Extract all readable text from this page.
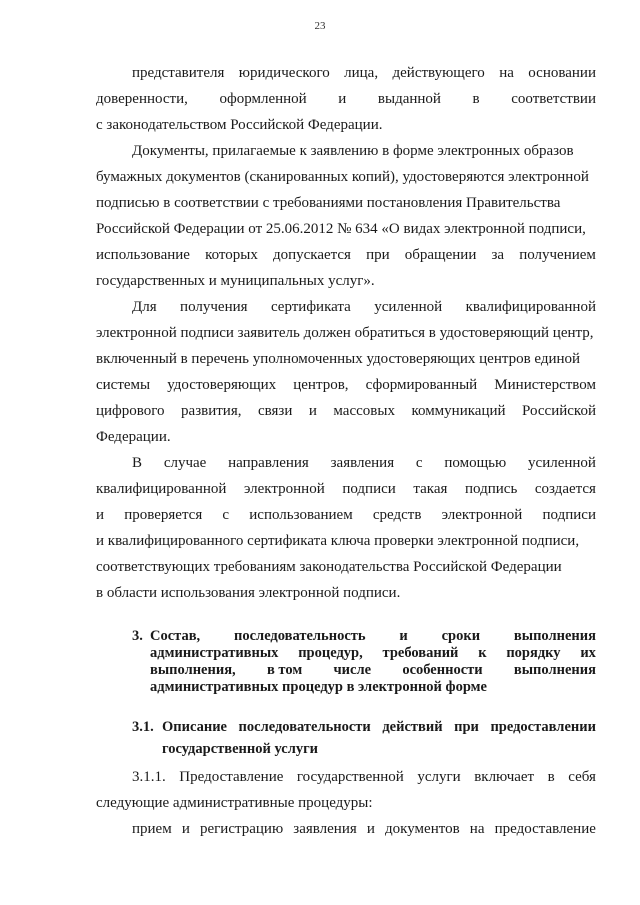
23
представителя юридического лица, действующего на основании
доверенности, оформленной и выданной в соответствии
с законодательством Российской Федерации.
Документы, прилагаемые к заявлению в форме электронных образов
бумажных документов (сканированных копий), удостоверяются электронной
подписью в соответствии с требованиями постановления Правительства
Российской Федерации от 25.06.2012 № 634 «О видах электронной подписи,
использование которых допускается при обращении за получением
государственных и муниципальных услуг».
Для получения сертификата усиленной квалифицированной
электронной подписи заявитель должен обратиться в удостоверяющий центр,
включенный в перечень уполномоченных удостоверяющих центров единой
системы удостоверяющих центров, сформированный Министерством
цифрового развития, связи и массовых коммуникаций Российской
Федерации.
В случае направления заявления с помощью усиленной
квалифицированной электронной подписи такая подпись создается
и проверяется с использованием средств электронной подписи
и квалифицированного сертификата ключа проверки электронной подписи,
соответствующих требованиям законодательства Российской Федерации
в области использования электронной подписи.
3. Состав, последовательность и сроки выполнения
административных процедур, требований к порядку их
выполнения, в том числе особенности выполнения
административных процедур в электронной форме
3.1. Описание последовательности действий при предоставлении
государственной услуги
3.1.1. Предоставление государственной услуги включает в себя
следующие административные процедуры:
прием и регистрацию заявления и документов на предоставление
